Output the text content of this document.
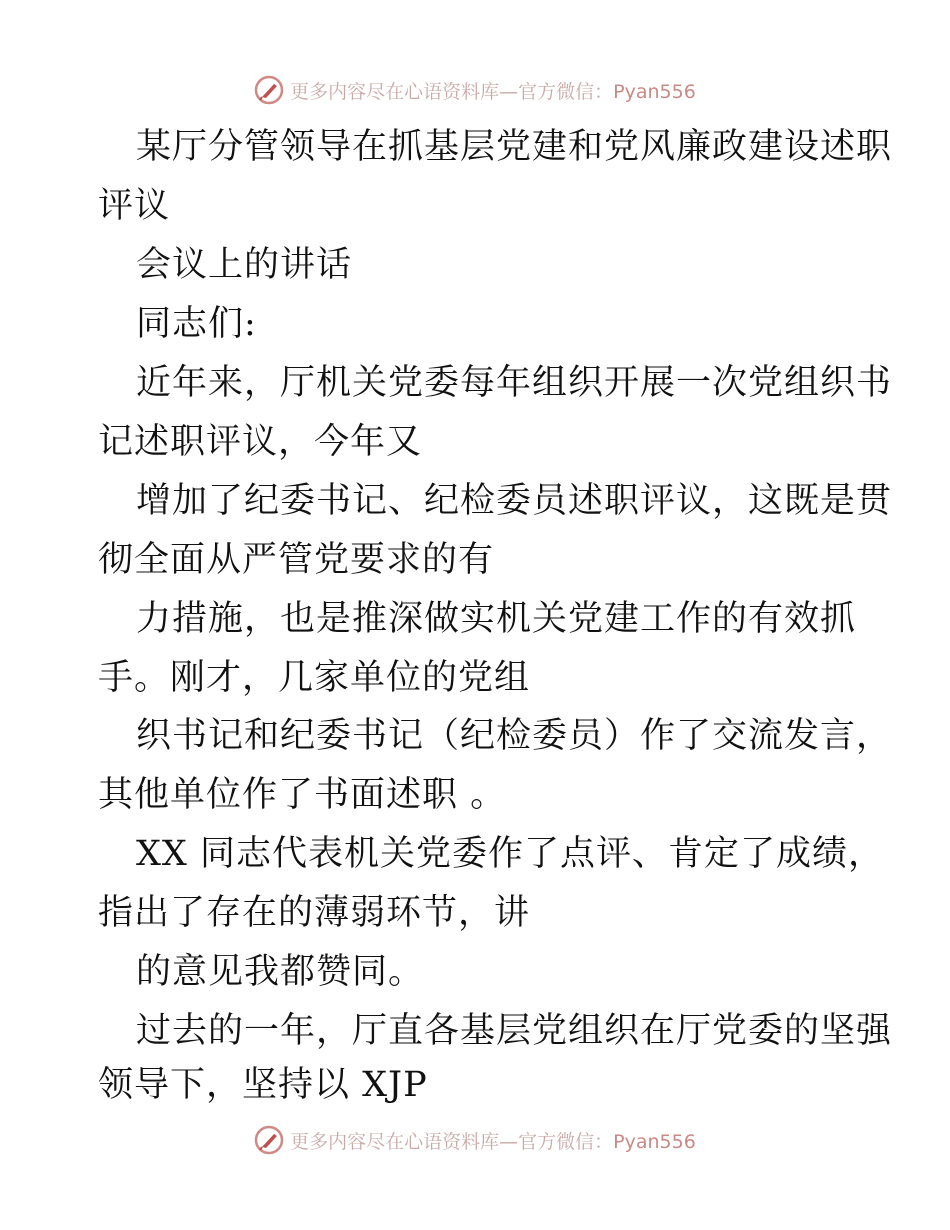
更多内容尽在心语资料库—官方微信：Pyan556
某厅分管领导在抓基层党建和党风廉政建设述职
评议
会议上的讲话
同志们:
近年来，厅机关党委每年组织开展一次党组织书
记述职评议，今年又
增加了纪委书记、纪检委员述职评议，这既是贯
彻全面从严管党要求的有
力措施，也是推深做实机关党建工作的有效抓
手。刚才，几家单位的党组
织书记和纪委书记（纪检委员）作了交流发言，
其他单位作了书面述职 。
XX 同志代表机关党委作了点评、肯定了成绩，
指出了存在的薄弱环节，讲
的意见我都赞同。
过去的一年，厅直各基层党组织在厅党委的坚强
领导下，坚持以 XJP
更多内容尽在心语资料库—官方微信：Pyan556
